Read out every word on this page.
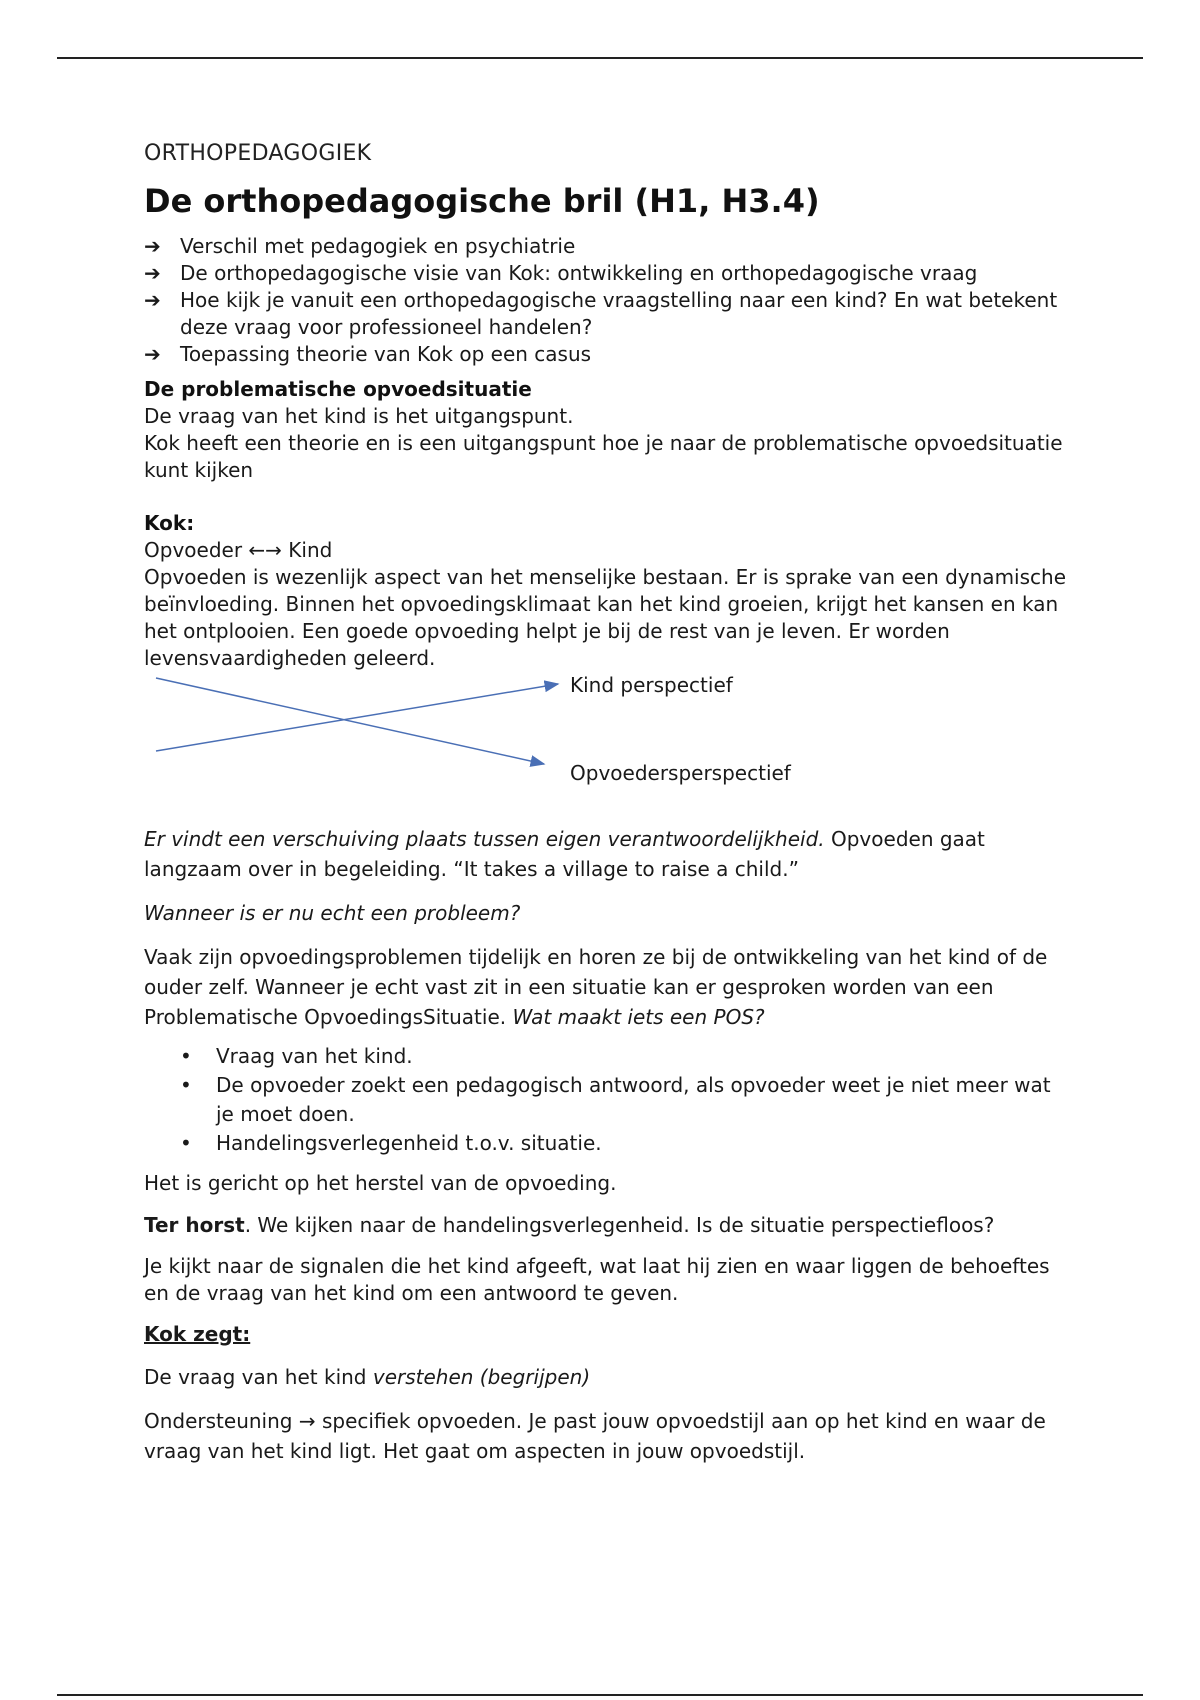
ORTHOPEDAGOGIEK
De orthopedagogische bril (H1, H3.4)
➔ Verschil met pedagogiek en psychiatrie
➔ De orthopedagogische visie van Kok: ontwikkeling en orthopedagogische vraag
➔ Hoe kijk je vanuit een orthopedagogische vraagstelling naar een kind? En wat betekent deze vraag voor professioneel handelen?
➔ Toepassing theorie van Kok op een casus
De problematische opvoedsituatie

De vraag van het kind is het uitgangspunt.

Kok heeft een theorie en is een uitgangspunt hoe je naar de problematische opvoedsituatie kunt kijken

Kok:

Opvoeder ←→ Kind

Opvoeden is wezenlijk aspect van het menselijke bestaan. Er is sprake van een dynamische beïnvloeding. Binnen het opvoedingsklimaat kan het kind groeien, krijgt het kansen en kan het ontplooien. Een goede opvoeding helpt je bij de rest van je leven. Er worden levensvaardigheden geleerd.

Kind perspectief
Opvoedersperspectief

Er vindt een verschuiving plaats tussen eigen verantwoordelijkheid. Opvoeden gaat langzaam over in begeleiding. “It takes a village to raise a child.”

Wanneer is er nu echt een probleem?

Vaak zijn opvoedingsproblemen tijdelijk en horen ze bij de ontwikkeling van het kind of de ouder zelf. Wanneer je echt vast zit in een situatie kan er gesproken worden van een Problematische OpvoedingsSituatie. Wat maakt iets een POS?

• Vraag van het kind.
• De opvoeder zoekt een pedagogisch antwoord, als opvoeder weet je niet meer wat je moet doen.
• Handelingsverlegenheid t.o.v. situatie.

Het is gericht op het herstel van de opvoeding.

Ter horst. We kijken naar de handelingsverlegenheid. Is de situatie perspectiefloos?

Je kijkt naar de signalen die het kind afgeeft, wat laat hij zien en waar liggen de behoeftes en de vraag van het kind om een antwoord te geven.

Kok zegt:

De vraag van het kind verstehen (begrijpen)

Ondersteuning → specifiek opvoeden. Je past jouw opvoedstijl aan op het kind en waar de vraag van het kind ligt. Het gaat om aspecten in jouw opvoedstijl.
